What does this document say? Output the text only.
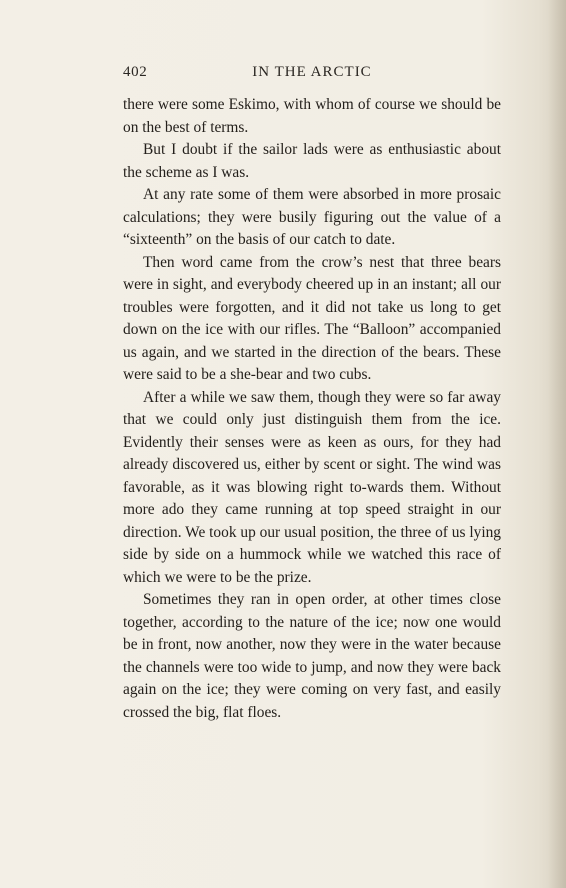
402	IN THE ARCTIC

there were some Eskimo, with whom of course we should be on the best of terms.

But I doubt if the sailor lads were as enthusiastic about the scheme as I was.

At any rate some of them were absorbed in more prosaic calculations; they were busily figuring out the value of a “sixteenth” on the basis of our catch to date.

Then word came from the crow’s nest that three bears were in sight, and everybody cheered up in an instant; all our troubles were forgotten, and it did not take us long to get down on the ice with our rifles. The “Balloon” accompanied us again, and we started in the direction of the bears. These were said to be a she-bear and two cubs.

After a while we saw them, though they were so far away that we could only just distinguish them from the ice. Evidently their senses were as keen as ours, for they had already discovered us, either by scent or sight. The wind was favorable, as it was blowing right to-wards them. Without more ado they came running at top speed straight in our direction. We took up our usual position, the three of us lying side by side on a hummock while we watched this race of which we were to be the prize.

Sometimes they ran in open order, at other times close together, according to the nature of the ice; now one would be in front, now another, now they were in the water because the channels were too wide to jump, and now they were back again on the ice; they were coming on very fast, and easily crossed the big, flat floes.
